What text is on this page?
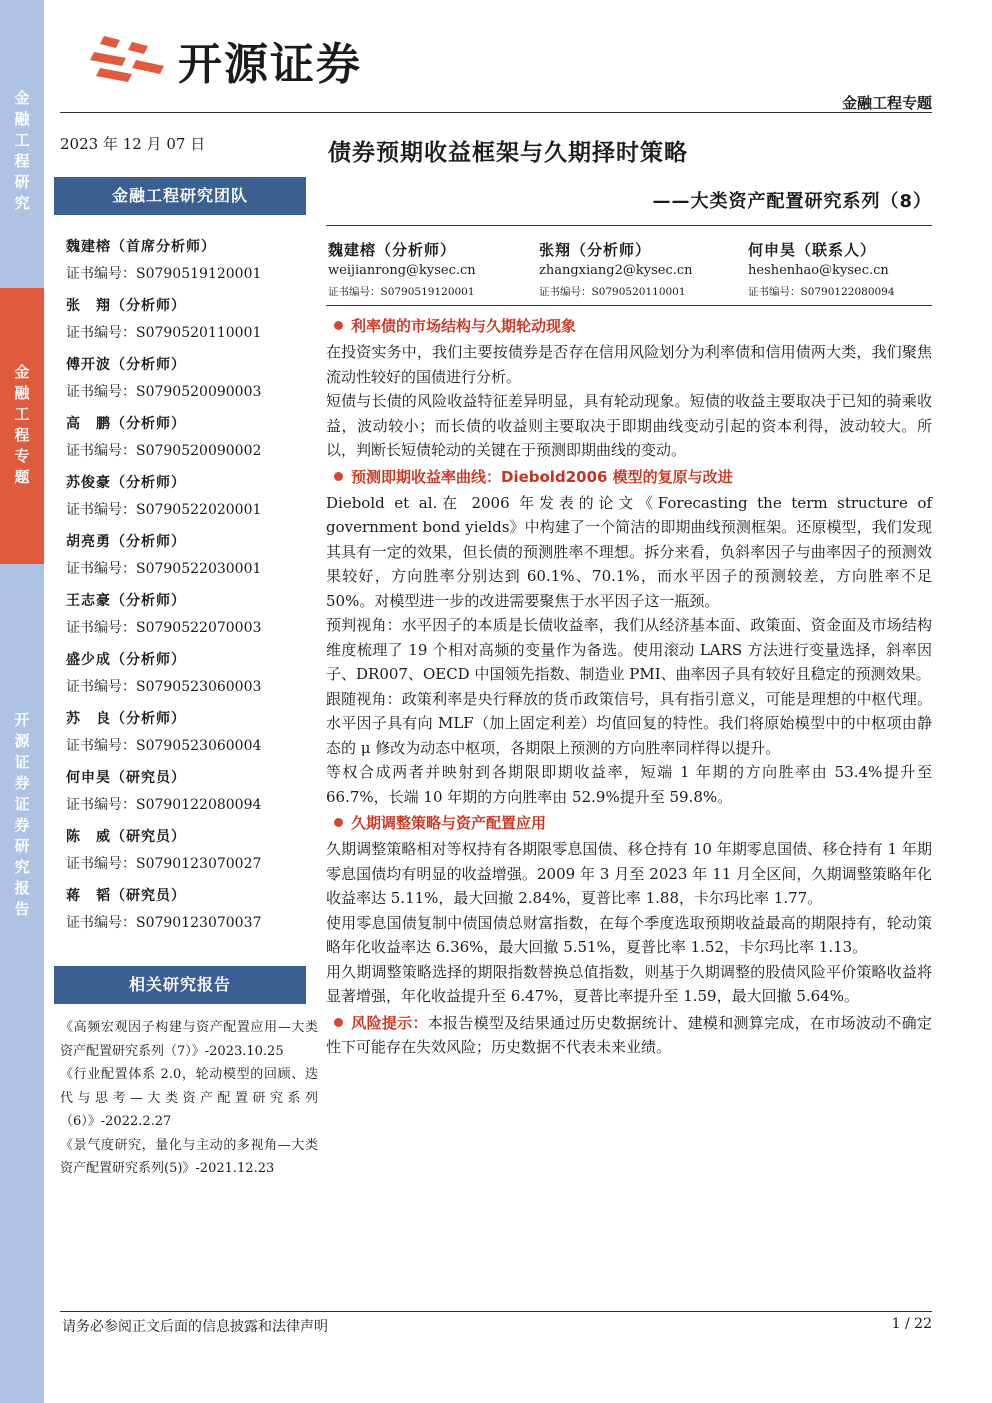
金融工程研究
金融工程专题
开源证券 证券研究报告
开源证券
金融工程专题
2023 年 12 月 07 日
金融工程研究团队
魏建榕（首席分析师）
证书编号：S0790519120001
张　翔（分析师）
证书编号：S0790520110001
傅开波（分析师）
证书编号：S0790520090003
高　鹏（分析师）
证书编号：S0790520090002
苏俊豪（分析师）
证书编号：S0790522020001
胡亮勇（分析师）
证书编号：S0790522030001
王志豪（分析师）
证书编号：S0790522070003
盛少成（分析师）
证书编号：S0790523060003
苏　良（分析师）
证书编号：S0790523060004
何申昊（研究员）
证书编号：S0790122080094
陈　威（研究员）
证书编号：S0790123070027
蒋　韬（研究员）
证书编号：S0790123070037
相关研究报告
《高频宏观因子构建与资产配置应用—大类资产配置研究系列（7）》-2023.10.25
《行业配置体系 2.0，轮动模型的回顾、迭代与思考—大类资产配置研究系列（6）》-2022.2.27
《景气度研究，量化与主动的多视角—大类资产配置研究系列(5)》-2021.12.23
债券预期收益框架与久期择时策略
——大类资产配置研究系列（8）
魏建榕（分析师）
weijianrong@kysec.cn
证书编号：S0790519120001
张翔（分析师）
zhangxiang2@kysec.cn
证书编号：S0790520110001
何申昊（联系人）
heshenhao@kysec.cn
证书编号：S0790122080094
利率债的市场结构与久期轮动现象

在投资实务中，我们主要按债券是否存在信用风险划分为利率债和信用债两大类，我们聚焦流动性较好的国债进行分析。

短债与长债的风险收益特征差异明显，具有轮动现象。短债的收益主要取决于已知的骑乘收益，波动较小；而长债的收益则主要取决于即期曲线变动引起的资本利得，波动较大。所以，判断长短债轮动的关键在于预测即期曲线的变动。

预测即期收益率曲线：Diebold2006 模型的复原与改进

Diebold et al.在 2006 年发表的论文《Forecasting the term structure of government bond yields》中构建了一个简洁的即期曲线预测框架。还原模型，我们发现其具有一定的效果，但长债的预测胜率不理想。拆分来看，负斜率因子与曲率因子的预测效果较好，方向胜率分别达到 60.1%、70.1%，而水平因子的预测较差，方向胜率不足 50%。对模型进一步的改进需要聚焦于水平因子这一瓶颈。

预判视角：水平因子的本质是长债收益率，我们从经济基本面、政策面、资金面及市场结构维度梳理了 19 个相对高频的变量作为备选。使用滚动 LARS 方法进行变量选择，斜率因子、DR007、OECD 中国领先指数、制造业 PMI、曲率因子具有较好且稳定的预测效果。

跟随视角：政策利率是央行释放的货币政策信号，具有指引意义，可能是理想的中枢代理。水平因子具有向 MLF（加上固定利差）均值回复的特性。我们将原始模型中的中枢项由静态的 μ 修改为动态中枢项，各期限上预测的方向胜率同样得以提升。

等权合成两者并映射到各期限即期收益率，短端 1 年期的方向胜率由 53.4%提升至 66.7%，长端 10 年期的方向胜率由 52.9%提升至 59.8%。

久期调整策略与资产配置应用

久期调整策略相对等权持有各期限零息国债、移仓持有 10 年期零息国债、移仓持有 1 年期零息国债均有明显的收益增强。2009 年 3 月至 2023 年 11 月全区间，久期调整策略年化收益率达 5.11%，最大回撤 2.84%，夏普比率 1.88，卡尔玛比率 1.77。

使用零息国债复制中债国债总财富指数，在每个季度选取预期收益最高的期限持有，轮动策略年化收益率达 6.36%，最大回撤 5.51%，夏普比率 1.52，卡尔玛比率 1.13。

用久期调整策略选择的期限指数替换总值指数，则基于久期调整的股债风险平价策略收益将显著增强，年化收益提升至 6.47%，夏普比率提升至 1.59，最大回撤 5.64%。

风险提示：本报告模型及结果通过历史数据统计、建模和测算完成，在市场波动不确定性下可能存在失效风险；历史数据不代表未来业绩。

请务必参阅正文后面的信息披露和法律声明	1 / 22
